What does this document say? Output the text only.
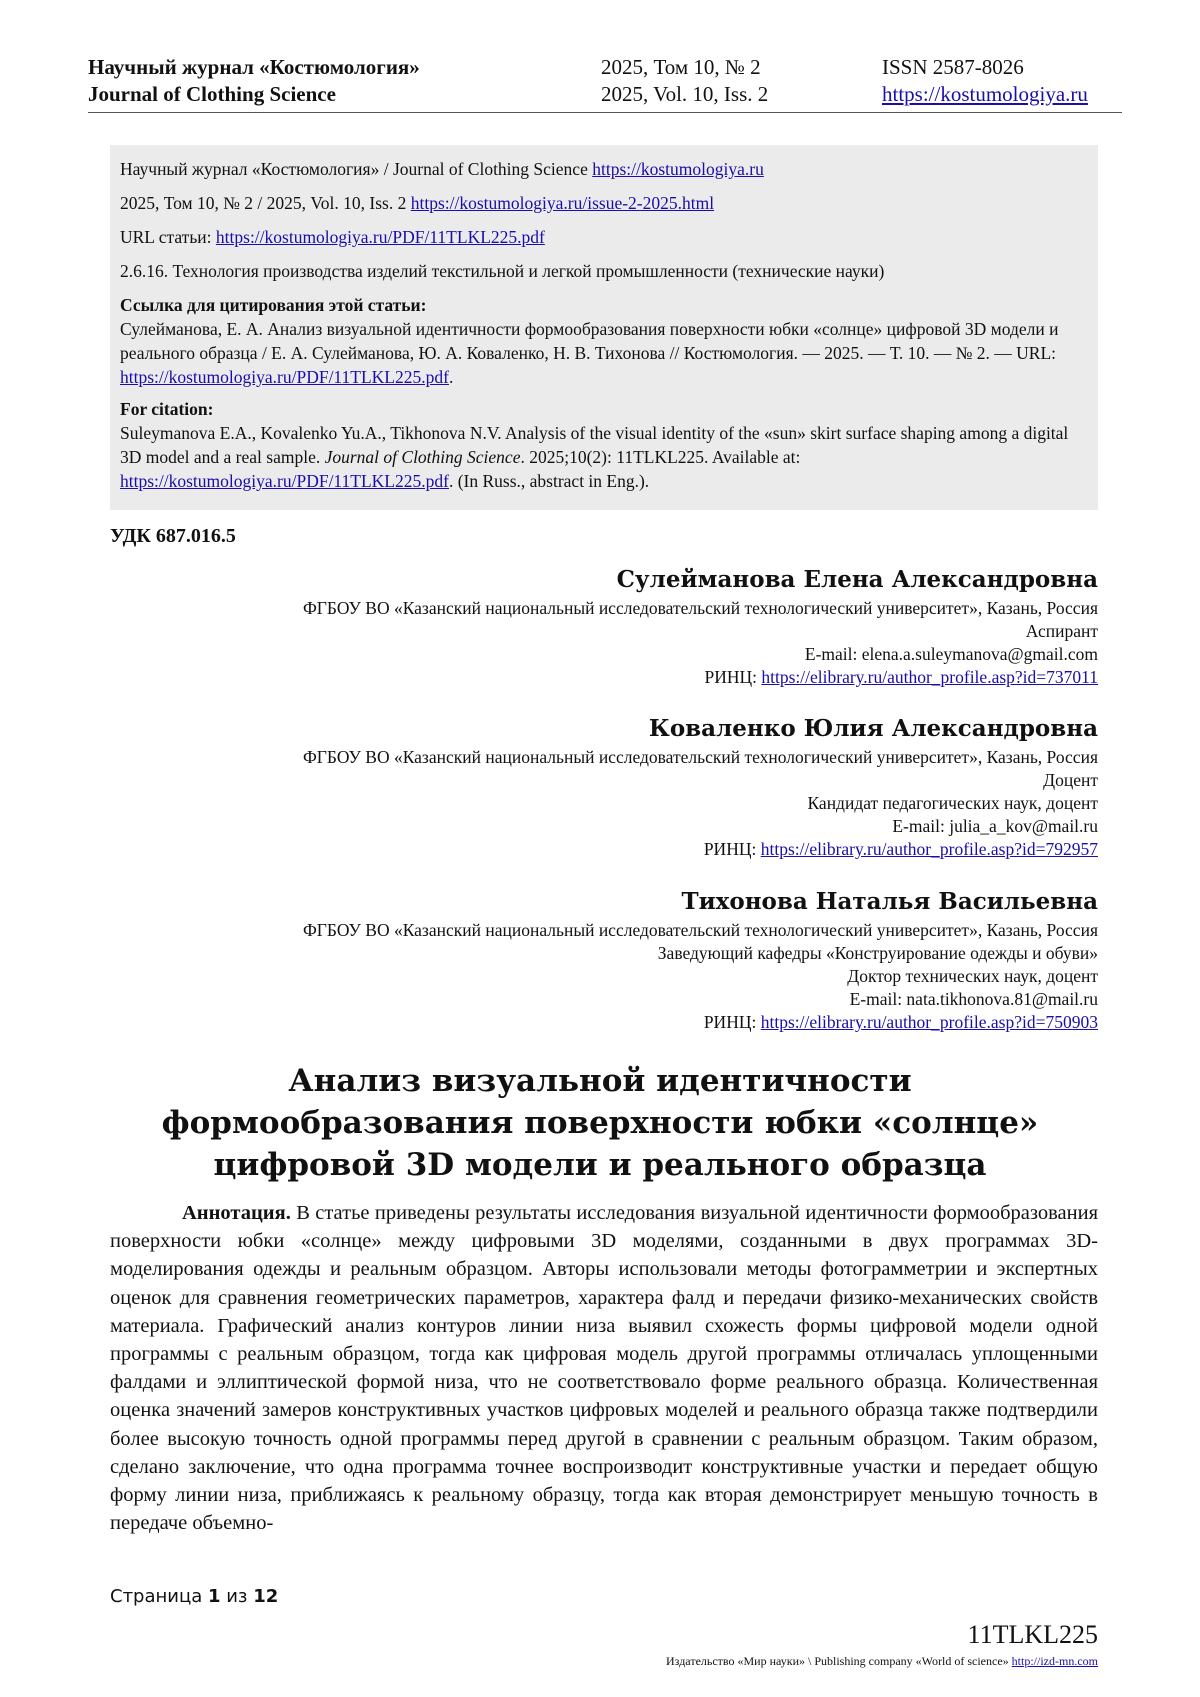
Научный журнал «Костюмология»
Journal of Clothing Science
2025, Том 10, № 2
2025, Vol. 10, Iss. 2
ISSN 2587-8026
https://kostumologiya.ru

Научный журнал «Костюмология» / Journal of Clothing Science https://kostumologiya.ru

2025, Том 10, № 2 / 2025, Vol. 10, Iss. 2 https://kostumologiya.ru/issue-2-2025.html

URL статьи: https://kostumologiya.ru/PDF/11TLKL225.pdf

2.6.16. Технология производства изделий текстильной и легкой промышленности (технические науки)

Ссылка для цитирования этой статьи:
Сулейманова, Е. А. Анализ визуальной идентичности формообразования поверхности юбки «солнце» цифровой 3D модели и реального образца / Е. А. Сулейманова, Ю. А. Коваленко, Н. В. Тихонова // Костюмология. — 2025. — Т. 10. — № 2. — URL: https://kostumologiya.ru/PDF/11TLKL225.pdf.
For citation:
Suleymanova E.A., Kovalenko Yu.A., Tikhonova N.V. Analysis of the visual identity of the «sun» skirt surface shaping among a digital 3D model and a real sample. Journal of Clothing Science. 2025;10(2): 11TLKL225. Available at: https://kostumologiya.ru/PDF/11TLKL225.pdf. (In Russ., abstract in Eng.).
УДК 687.016.5
Сулейманова Елена Александровна
ФГБОУ ВО «Казанский национальный исследовательский технологический университет», Казань, Россия
Аспирант
E-mail: elena.a.suleymanova@gmail.com
РИНЦ: https://elibrary.ru/author_profile.asp?id=737011
Коваленко Юлия Александровна
ФГБОУ ВО «Казанский национальный исследовательский технологический университет», Казань, Россия
Доцент
Кандидат педагогических наук, доцент
E-mail: julia_a_kov@mail.ru
РИНЦ: https://elibrary.ru/author_profile.asp?id=792957
Тихонова Наталья Васильевна
ФГБОУ ВО «Казанский национальный исследовательский технологический университет», Казань, Россия
Заведующий кафедры «Конструирование одежды и обуви»
Доктор технических наук, доцент
E-mail: nata.tikhonova.81@mail.ru
РИНЦ: https://elibrary.ru/author_profile.asp?id=750903
Анализ визуальной идентичности
формообразования поверхности юбки «солнце»
цифровой 3D модели и реального образца
Аннотация. В статье приведены результаты исследования визуальной идентичности формообразования поверхности юбки «солнце» между цифровыми 3D моделями, созданными в двух программах 3D-моделирования одежды и реальным образцом. Авторы использовали методы фотограмметрии и экспертных оценок для сравнения геометрических параметров, характера фалд и передачи физико-механических свойств материала. Графический анализ контуров линии низа выявил схожесть формы цифровой модели одной программы с реальным образцом, тогда как цифровая модель другой программы отличалась уплощенными фалдами и эллиптической формой низа, что не соответствовало форме реального образца. Количественная оценка значений замеров конструктивных участков цифровых моделей и реального образца также подтвердили более высокую точность одной программы перед другой в сравнении с реальным образцом. Таким образом, сделано заключение, что одна программа точнее воспроизводит конструктивные участки и передает общую форму линии низа, приближаясь к реальному образцу, тогда как вторая демонстрирует меньшую точность в передаче объемно-
Страница 1 из 12
11TLKL225
Издательство «Мир науки» \ Publishing company «World of science» http://izd-mn.com
